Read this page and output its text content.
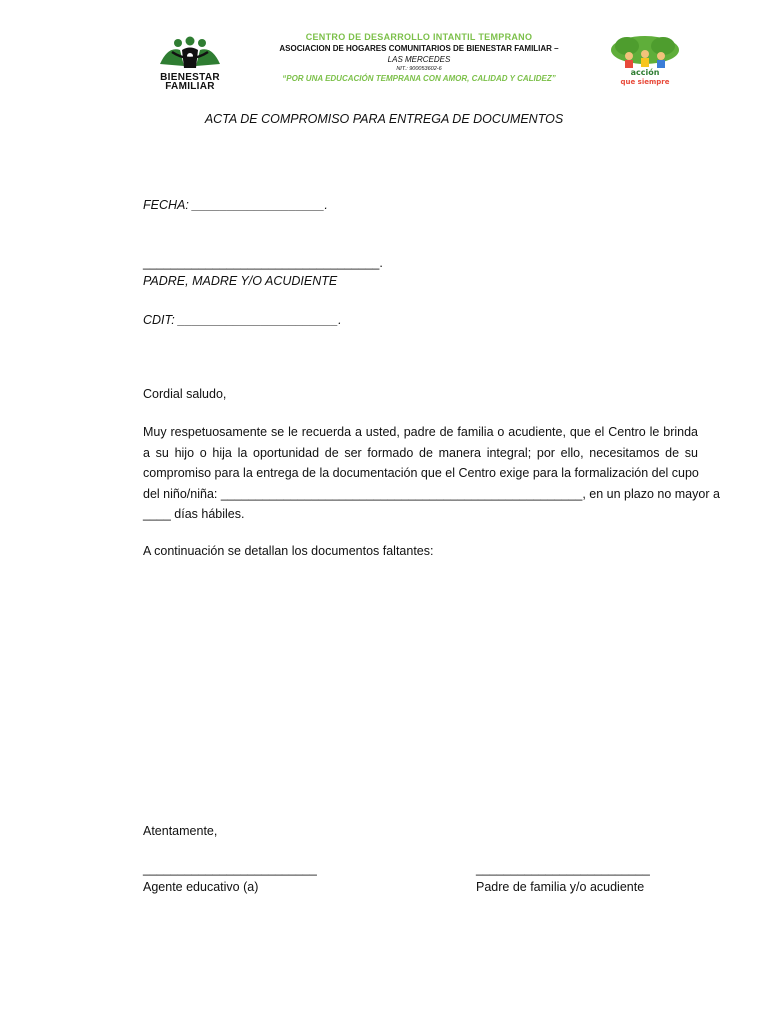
BIENESTAR
FAMILIAR
CENTRO DE DESARROLLO INTANTIL TEMPRANO
ASOCIACION DE HOGARES COMUNITARIOS DE BIENESTAR FAMILIAR –
LAS MERCEDES
NIT.: 900053602-6
“POR UNA EDUCACIÓN TEMPRANA CON AMOR, CALIDAD Y CALIDEZ”
acción
que siempre
ACTA DE COMPROMISO PARA ENTREGA DE DOCUMENTOS
FECHA: ___________________.
__________________________________.
PADRE, MADRE Y/O ACUDIENTE
CDIT: _______________________.
Cordial saludo,
Muy respetuosamente se le recuerda a usted, padre de familia o acudiente, que el Centro le brinda
a su hijo o hija la oportunidad de ser formado de manera integral; por ello, necesitamos de su
compromiso para la entrega de la documentación que el Centro exige para la formalización del cupo
del niño/niña: ____________________________________________________, en un plazo no mayor a
____ días hábiles.
A continuación se detallan los documentos faltantes:
Atentamente,
_________________________
Agente educativo (a)
_________________________
Padre de familia y/o acudiente
